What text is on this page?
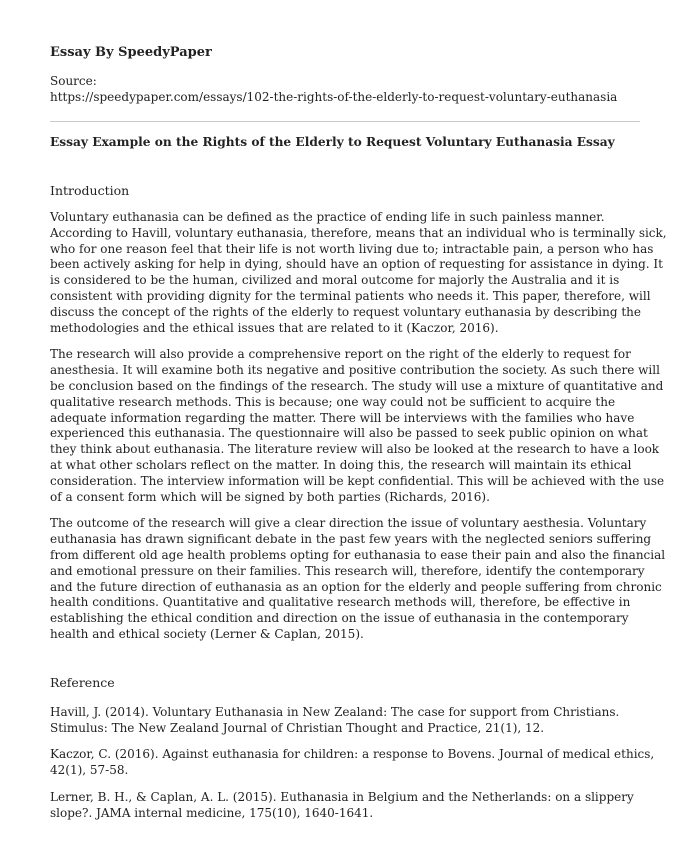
Essay By SpeedyPaper
Source:
https://speedypaper.com/essays/102-the-rights-of-the-elderly-to-request-voluntary-euthanasia
Essay Example on the Rights of the Elderly to Request Voluntary Euthanasia Essay
Introduction
Voluntary euthanasia can be defined as the practice of ending life in such painless manner.
According to Havill, voluntary euthanasia, therefore, means that an individual who is terminally sick,
who for one reason feel that their life is not worth living due to; intractable pain, a person who has
been actively asking for help in dying, should have an option of requesting for assistance in dying. It
is considered to be the human, civilized and moral outcome for majorly the Australia and it is
consistent with providing dignity for the terminal patients who needs it. This paper, therefore, will
discuss the concept of the rights of the elderly to request voluntary euthanasia by describing the
methodologies and the ethical issues that are related to it (Kaczor, 2016).
The research will also provide a comprehensive report on the right of the elderly to request for
anesthesia. It will examine both its negative and positive contribution the society. As such there will
be conclusion based on the findings of the research. The study will use a mixture of quantitative and
qualitative research methods. This is because; one way could not be sufficient to acquire the
adequate information regarding the matter. There will be interviews with the families who have
experienced this euthanasia. The questionnaire will also be passed to seek public opinion on what
they think about euthanasia. The literature review will also be looked at the research to have a look
at what other scholars reflect on the matter. In doing this, the research will maintain its ethical
consideration. The interview information will be kept confidential. This will be achieved with the use
of a consent form which will be signed by both parties (Richards, 2016).
The outcome of the research will give a clear direction the issue of voluntary aesthesia. Voluntary
euthanasia has drawn significant debate in the past few years with the neglected seniors suffering
from different old age health problems opting for euthanasia to ease their pain and also the financial
and emotional pressure on their families. This research will, therefore, identify the contemporary
and the future direction of euthanasia as an option for the elderly and people suffering from chronic
health conditions. Quantitative and qualitative research methods will, therefore, be effective in
establishing the ethical condition and direction on the issue of euthanasia in the contemporary
health and ethical society (Lerner & Caplan, 2015).
Reference
Havill, J. (2014). Voluntary Euthanasia in New Zealand: The case for support from Christians.
Stimulus: The New Zealand Journal of Christian Thought and Practice, 21(1), 12.
Kaczor, C. (2016). Against euthanasia for children: a response to Bovens. Journal of medical ethics,
42(1), 57-58.
Lerner, B. H., & Caplan, A. L. (2015). Euthanasia in Belgium and the Netherlands: on a slippery
slope?. JAMA internal medicine, 175(10), 1640-1641.
